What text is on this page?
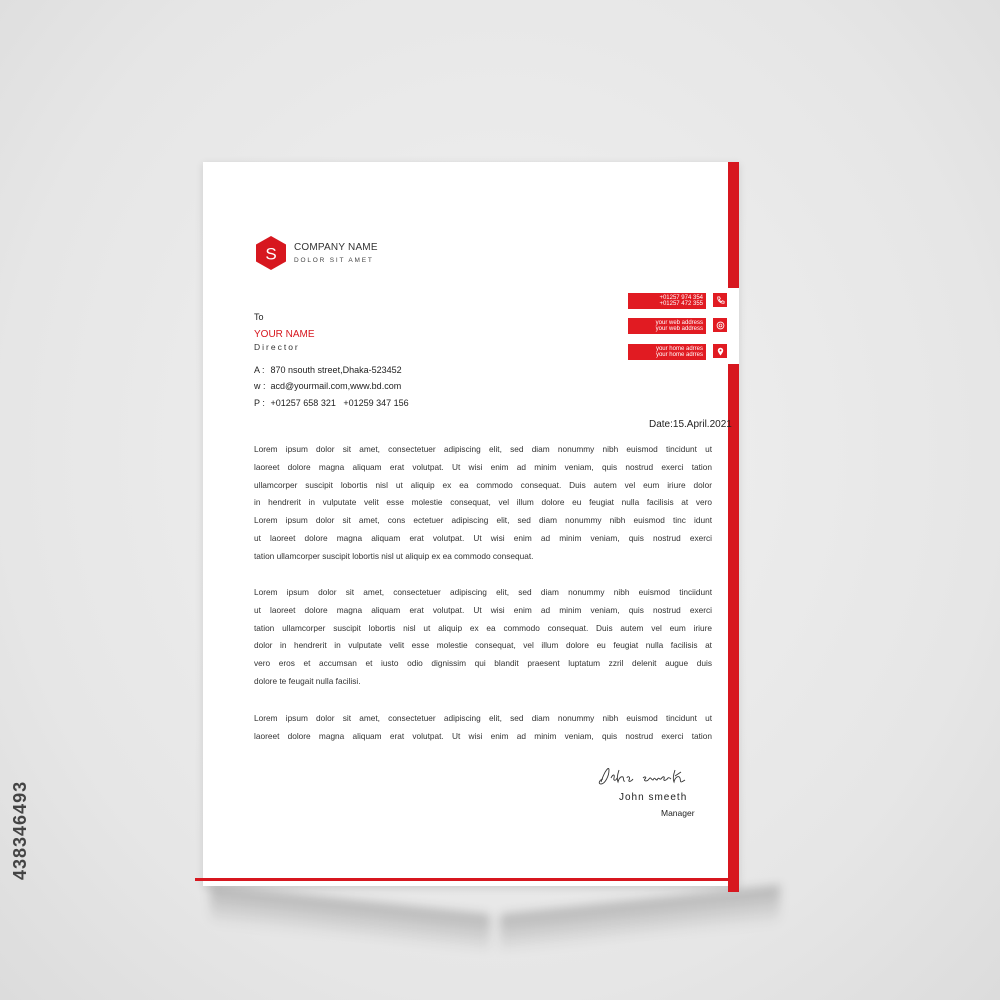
S COMPANY NAME
DOLOR SIT AMET
+01257 974 354
+01257 472 355
your web address
your web address
your home adrres
your home adrres
To
YOUR NAME
Director
A : 870 nsouth street,Dhaka-523452
w : acd@yourmail.com,www.bd.com
P : +01257 658 321   +01259 347 156
Date:15.April.2021
Lorem ipsum dolor sit amet, consectetuer adipiscing elit, sed diam nonummy nibh euismod tincidunt ut
laoreet dolore magna aliquam erat volutpat. Ut wisi enim ad minim veniam, quis nostrud exerci tation
ullamcorper suscipit lobortis nisl ut aliquip ex ea commodo consequat. Duis autem vel eum iriure dolor
in hendrerit in vulputate velit esse molestie consequat, vel illum dolore eu feugiat nulla facilisis at vero
Lorem ipsum dolor sit amet, cons ectetuer adipiscing elit, sed diam nonummy nibh euismod tinc idunt
ut laoreet dolore magna aliquam erat volutpat. Ut wisi enim ad minim veniam, quis nostrud exerci
tation ullamcorper suscipit lobortis nisl ut aliquip ex ea commodo consequat.
Lorem ipsum dolor sit amet, consectetuer adipiscing elit, sed diam nonummy nibh euismod tinciidunt
ut laoreet dolore magna aliquam erat volutpat. Ut wisi enim ad minim veniam, quis nostrud exerci
tation ullamcorper suscipit lobortis nisl ut aliquip ex ea commodo consequat. Duis autem vel eum iriure
dolor in hendrerit in vulputate velit esse molestie consequat, vel illum dolore eu feugiat nulla facilisis at
vero eros et accumsan et iusto odio dignissim qui blandit praesent luptatum zzril delenit augue duis
dolore te feugait nulla facilisi.
Lorem ipsum dolor sit amet, consectetuer adipiscing elit, sed diam nonummy nibh euismod tincidunt ut
laoreet dolore magna aliquam erat volutpat. Ut wisi enim ad minim veniam, quis nostrud exerci tation
John smeeth
Manager
438346493
